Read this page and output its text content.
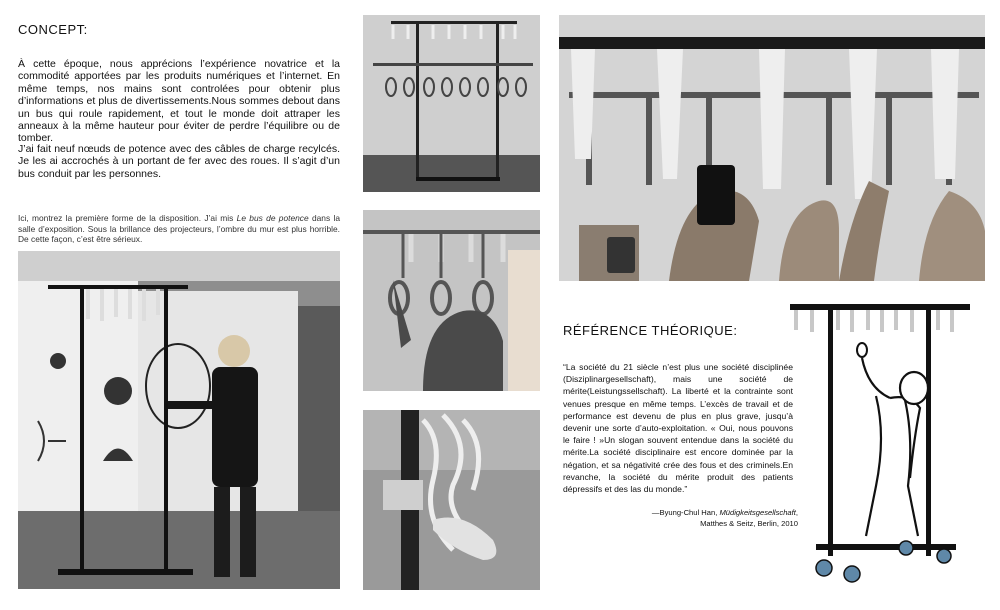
CONCEPT:
À cette époque, nous apprécions l’expérience novatrice et la commodité apportées par les produits numériques et l’internet. En même temps, nos mains sont controlées pour obtenir plus d’informations et plus de divertissements.Nous sommes debout dans un bus qui roule rapidement, et tout le monde doit attraper les anneaux à la même hauteur pour éviter de perdre l’équilibre ou de tomber.
J’ai fait neuf nœuds de potence avec des câbles de charge recylcés. Je les ai accrochés à un portant de fer avec des roues. Il s’agit d’un bus conduit par les personnes.
Ici, montrez la première forme de la disposition. J’ai mis Le bus de potence dans la salle d’exposition. Sous la brillance des projecteurs, l’ombre du mur est plus horrible. De cette façon, c’est être sérieux.
RÉFÉRENCE THÉORIQUE:
“La société du 21 siècle n’est plus une société disciplinée (Disziplinargesellschaft), mais une société de mérite(Leistungssellschaft). La liberté et la contrainte sont venues presque en même temps. L’excès de travail et de performance est devenu de plus en plus grave, jusqu’à devenir une sorte d’auto-exploitation. « Oui, nous pouvons le faire ! »Un slogan souvent entendue dans la société du mérite.La société disciplinaire est encore dominée par la négation, et sa négativité crée des fous et des criminels.En revanche, la société du mérite produit des patients dépressifs et des las du monde.”
—Byung-Chul Han, Müdigkeitsgesellschaft,
Matthes & Seitz, Berlin, 2010
